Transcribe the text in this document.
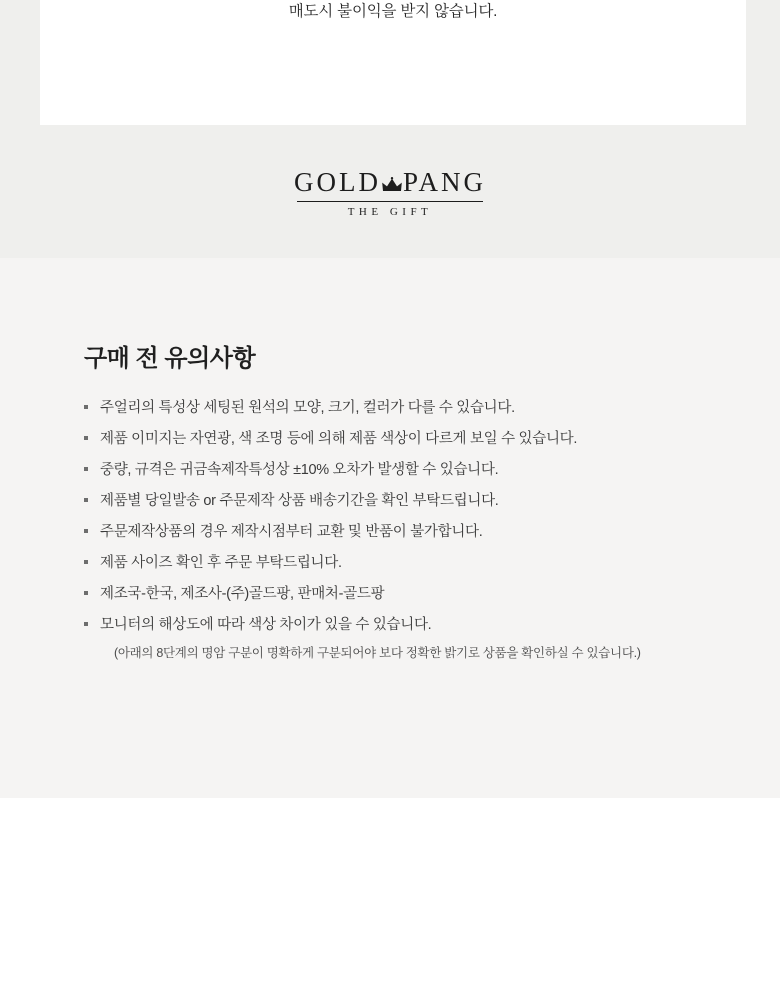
매도시 불이익을 받지 않습니다.
GOLD PANG
THE GIFT
구매 전 유의사항
주얼리의 특성상 세팅된 원석의 모양, 크기, 컬러가 다를 수 있습니다.
제품 이미지는 자연광, 색 조명 등에 의해 제품 색상이 다르게 보일 수 있습니다.
중량, 규격은 귀금속제작특성상 ±10% 오차가 발생할 수 있습니다.
제품별 당일발송 or 주문제작 상품 배송기간을 확인 부탁드립니다.
주문제작상품의 경우 제작시점부터 교환 및 반품이 불가합니다.
제품 사이즈 확인 후 주문 부탁드립니다.
제조국-한국, 제조사-(주)골드팡, 판매처-골드팡
모니터의 해상도에 따라 색상 차이가 있을 수 있습니다.
(아래의 8단계의 명암 구분이 명확하게 구분되어야 보다 정확한 밝기로 상품을 확인하실 수 있습니다.)
